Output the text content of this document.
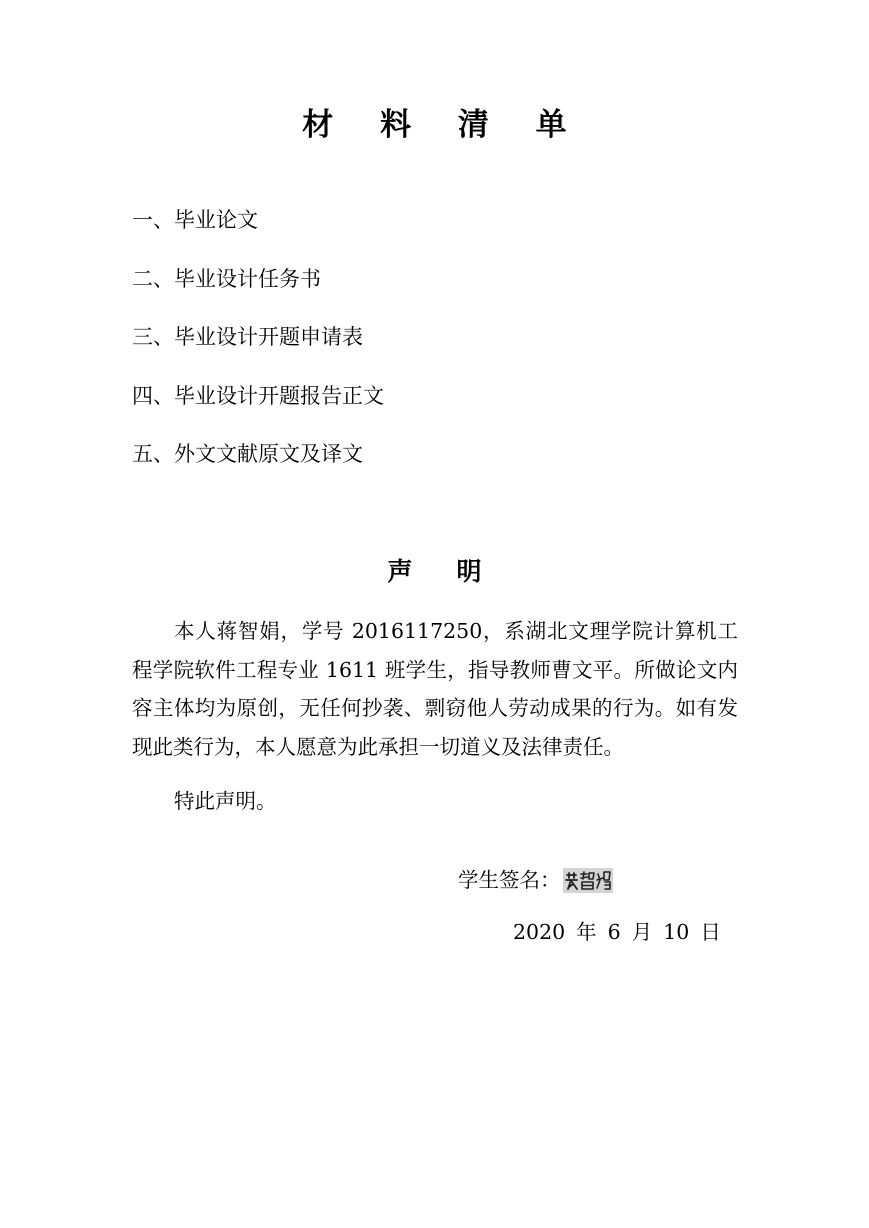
材 料 清 单
一、毕业论文
二、毕业设计任务书
三、毕业设计开题申请表
四、毕业设计开题报告正文
五、外文文献原文及译文
声 明

本人蒋智娟，学号 2016117250，系湖北文理学院计算机工程学院软件工程专业 1611 班学生，指导教师曹文平。所做论文内容主体均为原创，无任何抄袭、剽窃他人劳动成果的行为。如有发现此类行为，本人愿意为此承担一切道义及法律责任。

特此声明。

学生签名：
2020 年 6 月 10 日
